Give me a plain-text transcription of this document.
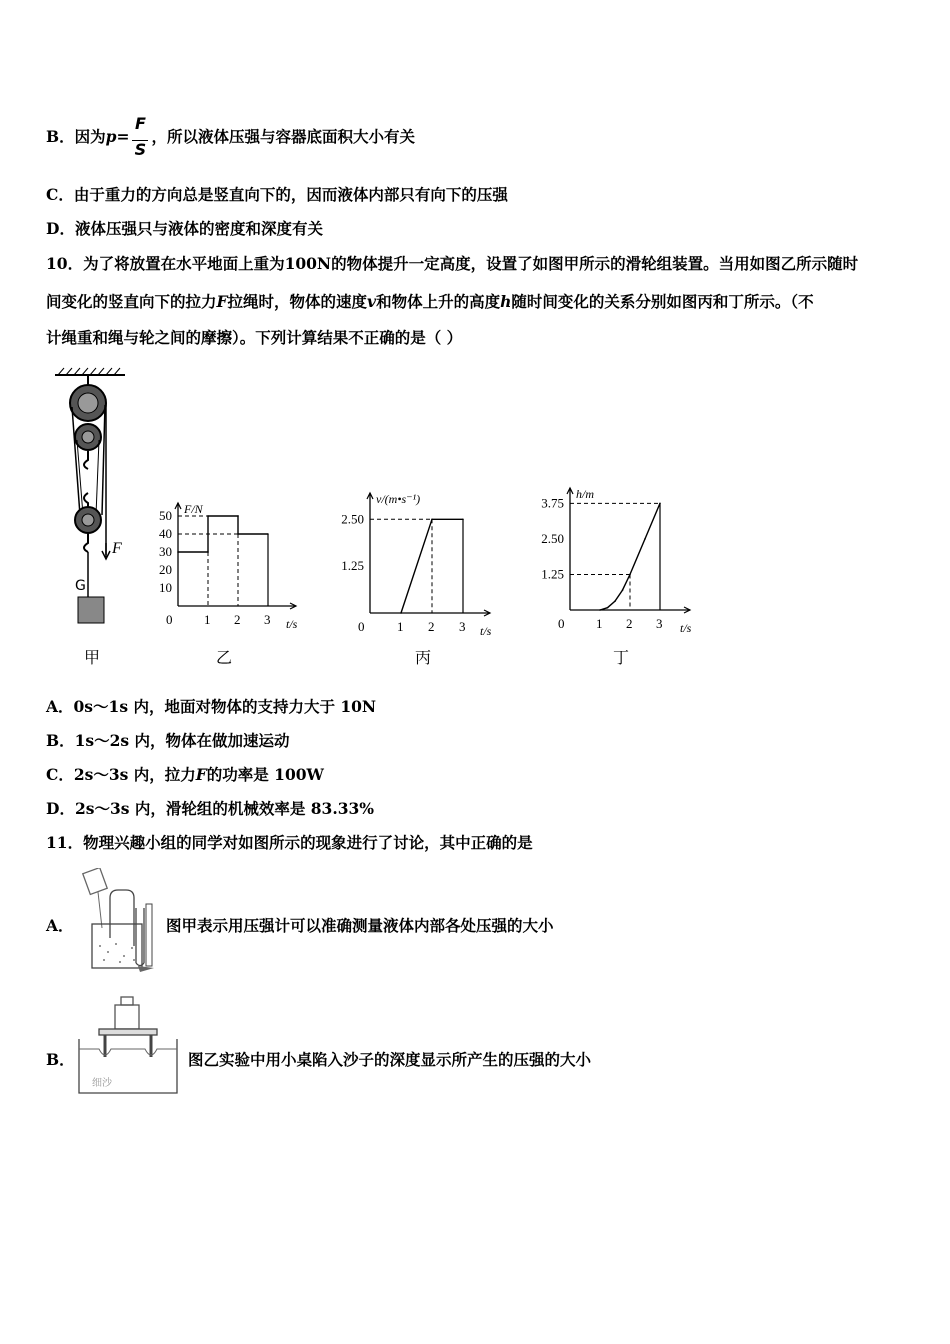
B．因为$p= \frac{F}{S}$ ，所以液体压强与容器底面积大小有关
C．由于重力的方向总是竖直向下的，因而液体内部只有向下的压强
D．液体压强只与液体的密度和深度有关
10．为了将放置在水平地面上重为100N的物体提升一定高度，设置了如图甲所示的滑轮组装置。当用如图乙所示随时
间变化的竖直向下的拉力F拉绳时，物体的速度v和物体上升的高度h随时间变化的关系分别如图丙和丁所示。（不
计绳重和绳与轮之间的摩擦）。下列计算结果不正确的是（ ）
F
G
甲
F/N
t/s
0 1 2 3
10
20
30
40
50
乙
v/(m•s⁻¹)
t/s
0	1 2 3
1.25
2.50
丙
h/m
t/s
0 1 2 3
1.25
2.50
3.75
丁
A．0s～1s 内，地面对物体的支持力大于 10N
B．1s～2s 内，物体在做加速运动
C．2s～3s 内，拉力F的功率是 100W
D．2s～3s 内，滑轮组的机械效率是 83.33%
11．物理兴趣小组的同学对如图所示的现象进行了讨论，其中正确的是
A．	图甲表示用压强计可以准确测量液体内部各处压强的大小
B．
细沙
图乙实验中用小桌陷入沙子的深度显示所产生的压强的大小
